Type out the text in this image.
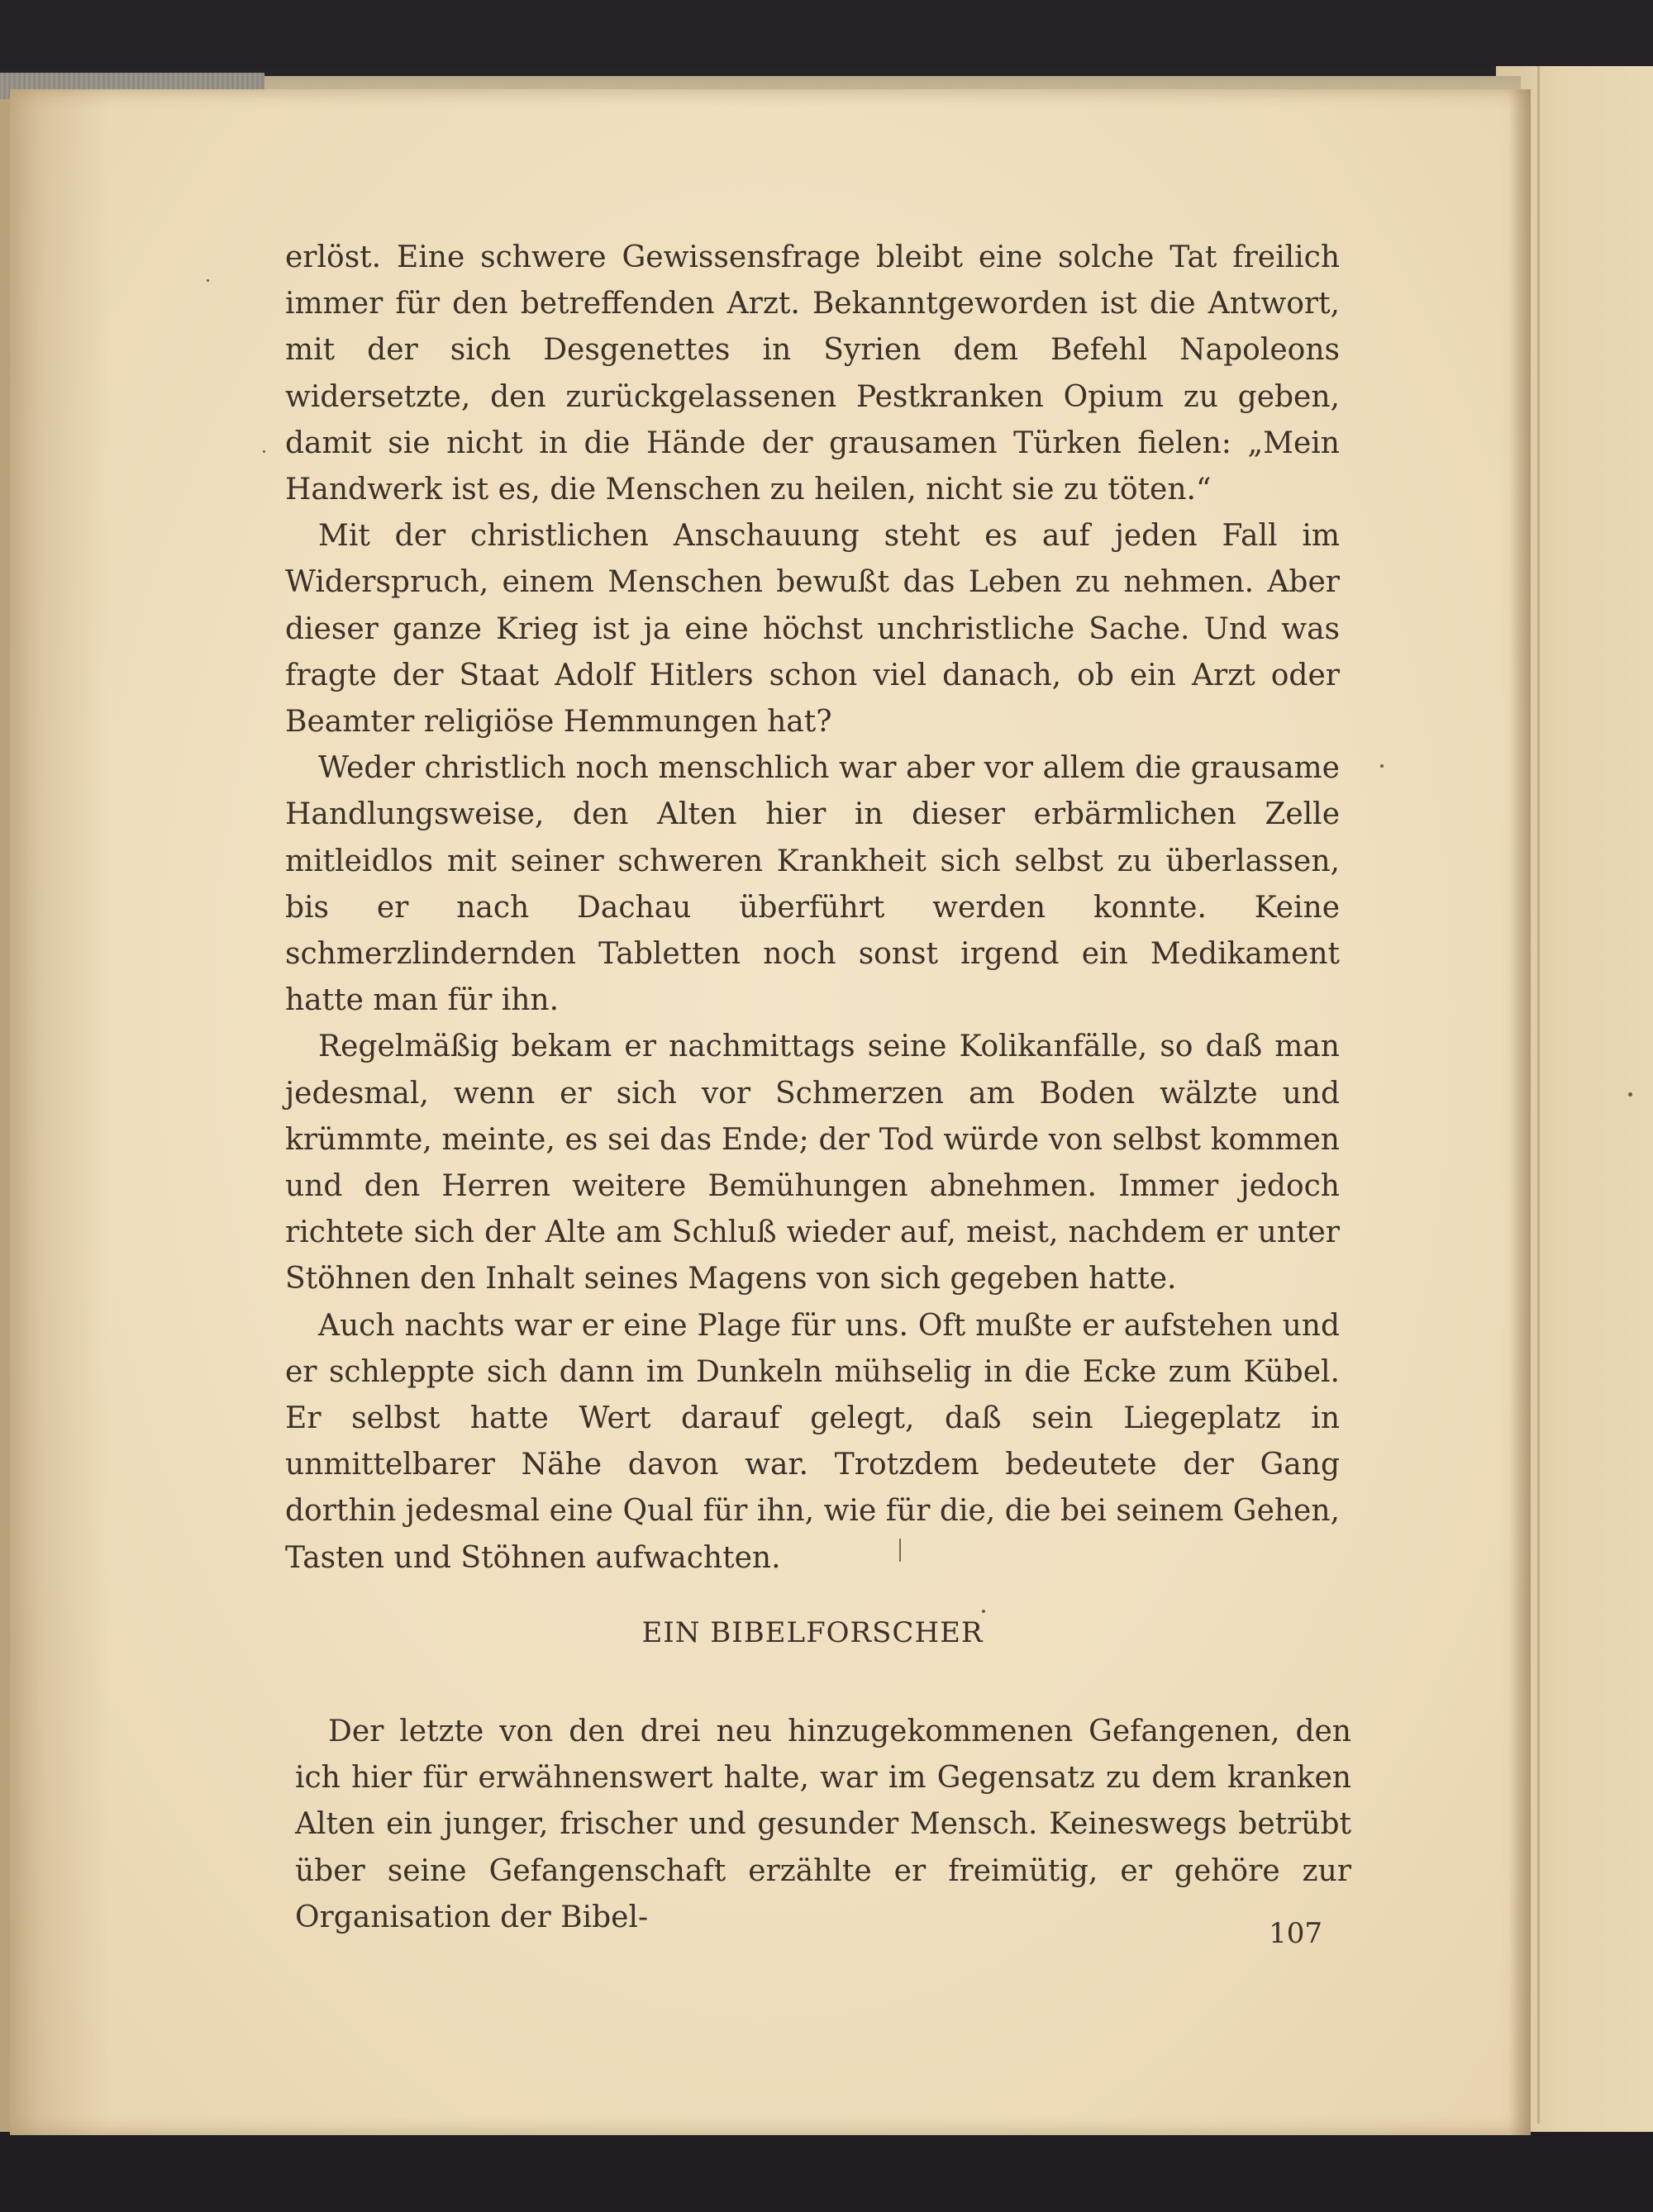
erlöst. Eine schwere Gewissensfrage bleibt eine solche Tat freilich immer für den betreffenden Arzt. Bekanntgeworden ist die Antwort, mit der sich Desgenettes in Syrien dem Befehl Napoleons widersetzte, den zurückgelassenen Pestkranken Opium zu geben, damit sie nicht in die Hände der grausamen Türken fielen: „Mein Handwerk ist es, die Menschen zu heilen, nicht sie zu töten.“

Mit der christlichen Anschauung steht es auf jeden Fall im Widerspruch, einem Menschen bewußt das Leben zu nehmen. Aber dieser ganze Krieg ist ja eine höchst unchristliche Sache. Und was fragte der Staat Adolf Hitlers schon viel danach, ob ein Arzt oder Beamter religiöse Hemmungen hat?

Weder christlich noch menschlich war aber vor allem die grausame Handlungsweise, den Alten hier in dieser erbärmlichen Zelle mitleidlos mit seiner schweren Krankheit sich selbst zu überlassen, bis er nach Dachau überführt werden konnte. Keine schmerzlindernden Tabletten noch sonst irgend ein Medikament hatte man für ihn.

Regelmäßig bekam er nachmittags seine Kolikanfälle, so daß man jedesmal, wenn er sich vor Schmerzen am Boden wälzte und krümmte, meinte, es sei das Ende; der Tod würde von selbst kommen und den Herren weitere Bemühungen abnehmen. Immer jedoch richtete sich der Alte am Schluß wieder auf, meist, nachdem er unter Stöhnen den Inhalt seines Magens von sich gegeben hatte.

Auch nachts war er eine Plage für uns. Oft mußte er aufstehen und er schleppte sich dann im Dunkeln mühselig in die Ecke zum Kübel. Er selbst hatte Wert darauf gelegt, daß sein Liegeplatz in unmittelbarer Nähe davon war. Trotzdem bedeutete der Gang dorthin jedesmal eine Qual für ihn, wie für die, die bei seinem Gehen, Tasten und Stöhnen aufwachten.

EIN BIBELFORSCHER

Der letzte von den drei neu hinzugekommenen Gefangenen, den ich hier für erwähnenswert halte, war im Gegensatz zu dem kranken Alten ein junger, frischer und gesunder Mensch. Keineswegs betrübt über seine Gefangenschaft erzählte er freimütig, er gehöre zur Organisation der Bibel-	107
